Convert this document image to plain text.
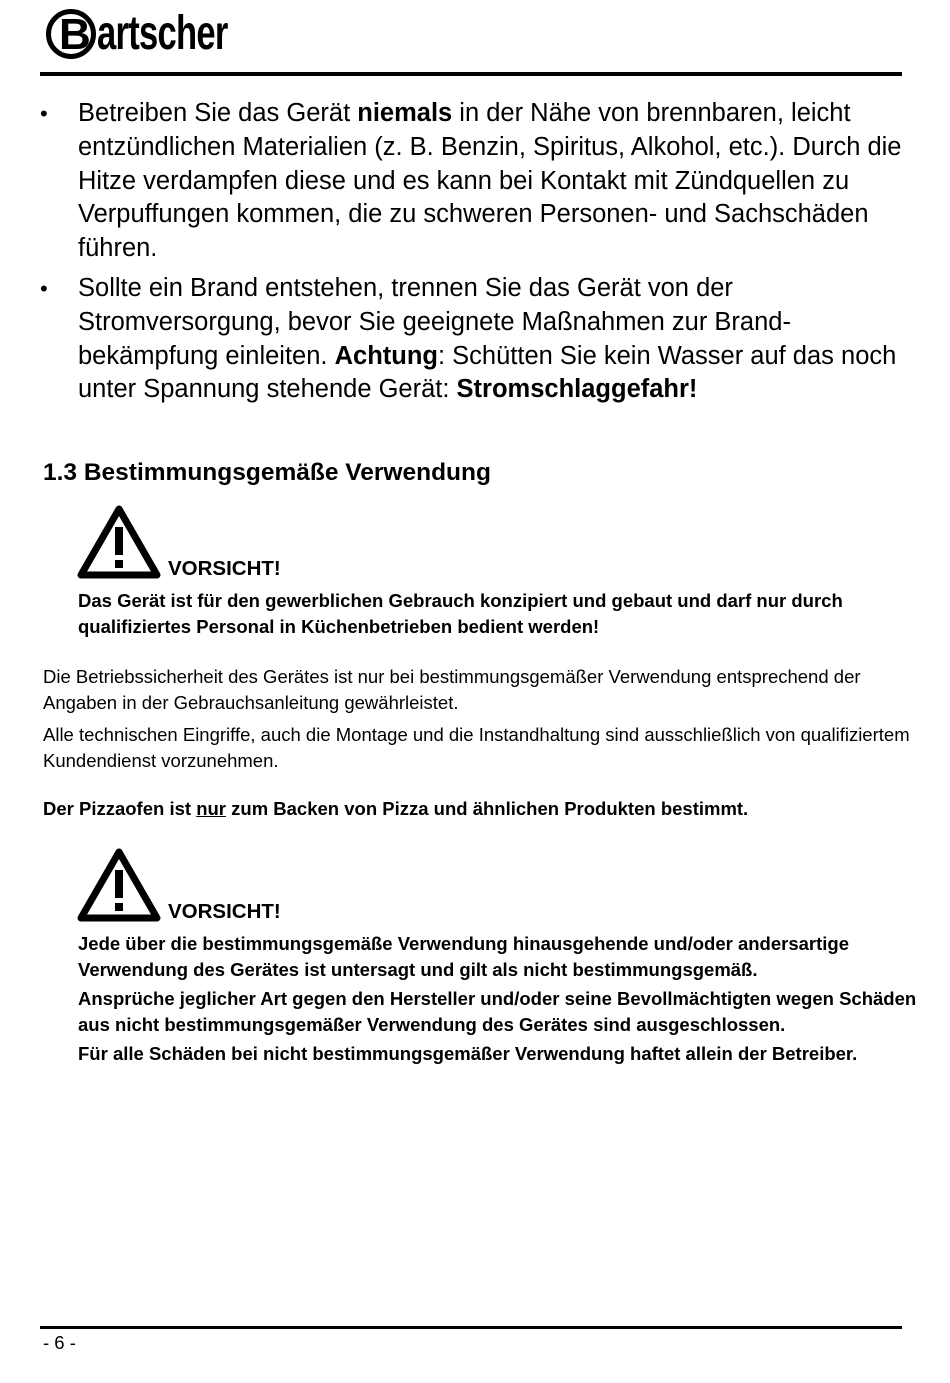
B artscher
• Betreiben Sie das Gerät niemals in der Nähe von brennbaren, leicht entzündlichen Materialien (z. B. Benzin, Spiritus, Alkohol, etc.). Durch die Hitze verdampfen diese und es kann bei Kontakt mit Zündquellen zu Verpuffungen kommen, die zu schweren Personen- und Sachschäden führen.
• Sollte ein Brand entstehen, trennen Sie das Gerät von der Stromversorgung, bevor Sie geeignete Maßnahmen zur Brand-bekämpfung einleiten. Achtung: Schütten Sie kein Wasser auf das noch unter Spannung stehende Gerät: Stromschlaggefahr!
1.3 Bestimmungsgemäße Verwendung
VORSICHT!

Das Gerät ist für den gewerblichen Gebrauch konzipiert und gebaut und darf nur durch qualifiziertes Personal in Küchenbetrieben bedient werden!

Die Betriebssicherheit des Gerätes ist nur bei bestimmungsgemäßer Verwendung entsprechend der Angaben in der Gebrauchsanleitung gewährleistet.
Alle technischen Eingriffe, auch die Montage und die Instandhaltung sind ausschließlich von qualifiziertem Kundendienst vorzunehmen.
Der Pizzaofen ist nur zum Backen von Pizza und ähnlichen Produkten bestimmt.
VORSICHT!

Jede über die bestimmungsgemäße Verwendung hinausgehende und/oder andersartige Verwendung des Gerätes ist untersagt und gilt als nicht bestimmungsgemäß.

Ansprüche jeglicher Art gegen den Hersteller und/oder seine Bevollmächtigten wegen Schäden aus nicht bestimmungsgemäßer Verwendung des Gerätes sind ausgeschlossen.

Für alle Schäden bei nicht bestimmungsgemäßer Verwendung haftet allein der Betreiber.

- 6 -
